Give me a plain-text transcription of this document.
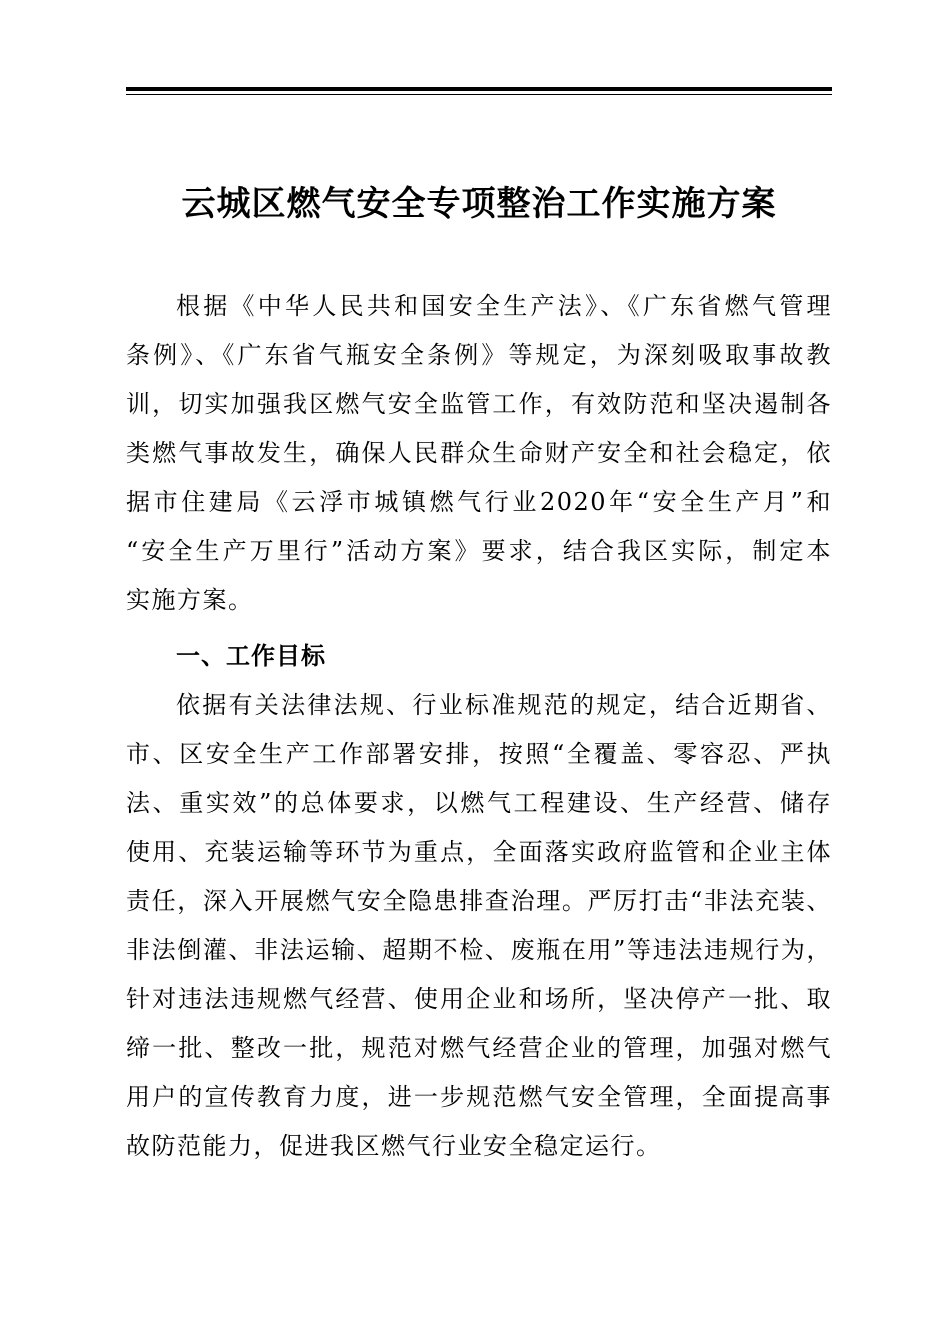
云城区燃气安全专项整治工作实施方案
根据《中华人民共和国安全生产法》、《广东省燃气管理
条例》、《广东省气瓶安全条例》等规定，为深刻吸取事故教
训，切实加强我区燃气安全监管工作，有效防范和坚决遏制各
类燃气事故发生，确保人民群众生命财产安全和社会稳定，依
据市住建局《云浮市城镇燃气行业2020年“安全生产月”和
“安全生产万里行”活动方案》要求，结合我区实际，制定本
实施方案。
一、工作目标
依据有关法律法规、行业标准规范的规定，结合近期省、
市、区安全生产工作部署安排，按照“全覆盖、零容忍、严执
法、重实效”的总体要求，以燃气工程建设、生产经营、储存
使用、充装运输等环节为重点，全面落实政府监管和企业主体
责任，深入开展燃气安全隐患排查治理。严厉打击“非法充装、
非法倒灌、非法运输、超期不检、废瓶在用”等违法违规行为，
针对违法违规燃气经营、使用企业和场所，坚决停产一批、取
缔一批、整改一批，规范对燃气经营企业的管理，加强对燃气
用户的宣传教育力度，进一步规范燃气安全管理，全面提高事
故防范能力，促进我区燃气行业安全稳定运行。
